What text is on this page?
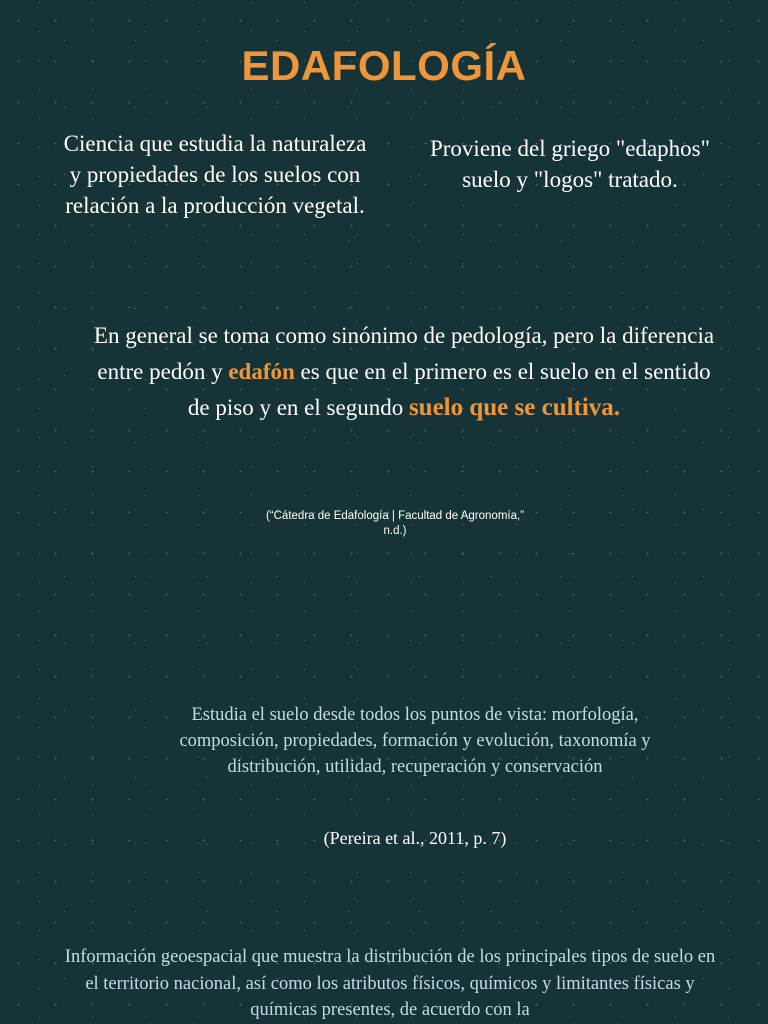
EDAFOLOGÍA
Ciencia que estudia la naturaleza y propiedades de los suelos con relación a la producción vegetal.
Proviene del griego "edaphos" suelo y "logos" tratado.
En general se toma como sinónimo de pedología, pero la diferencia entre pedón y edafón es que en el primero es el suelo en el sentido de piso y en el segundo suelo que se cultiva.
(“Cátedra de Edafología | Facultad de Agronomía,” n.d.)
Estudia el suelo desde todos los puntos de vista: morfología, composición, propiedades, formación y evolución, taxonomía y distribución, utilidad, recuperación y conservación
(Pereira et al., 2011, p. 7)
Información geoespacial que muestra la distribución de los principales tipos de suelo en el territorio nacional, así como los atributos físicos, químicos y limitantes físicas y químicas presentes, de acuerdo con la
